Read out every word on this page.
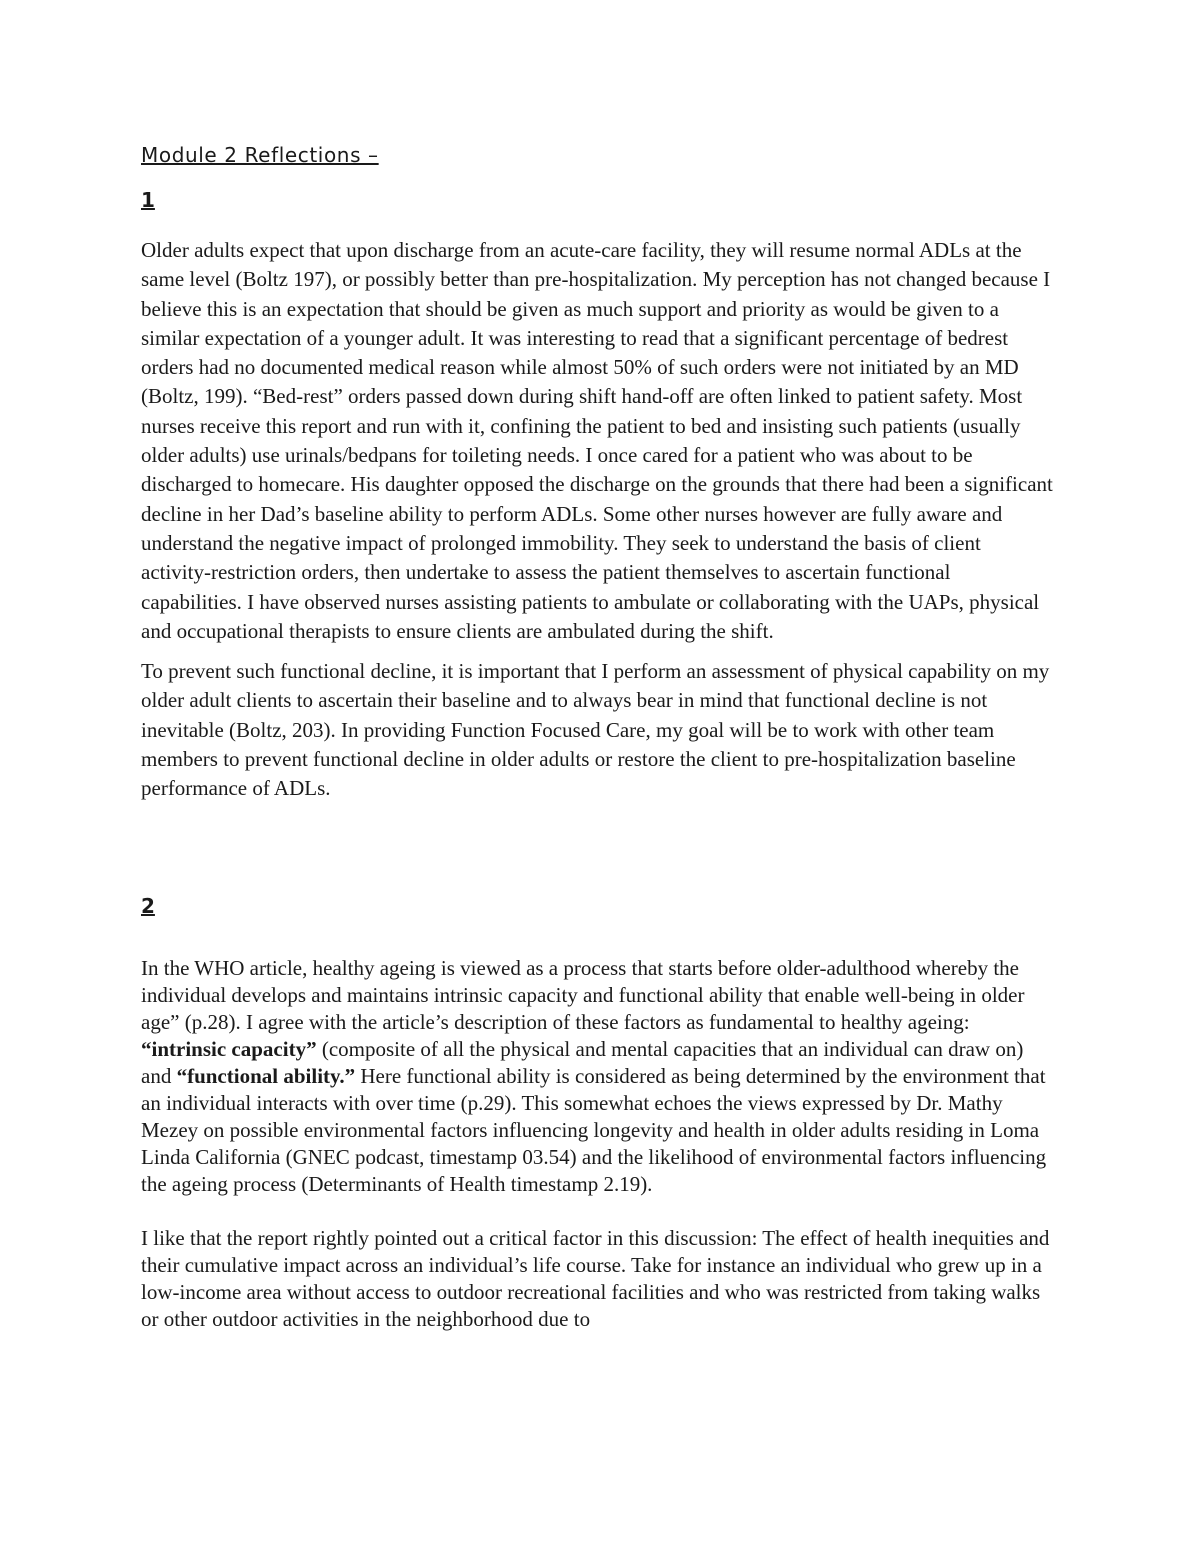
Module 2 Reflections –
1

Older adults expect that upon discharge from an acute-care facility, they will resume normal ADLs at the same level (Boltz 197), or possibly better than pre-hospitalization. My perception has not changed because I believe this is an expectation that should be given as much support and priority as would be given to a similar expectation of a younger adult. It was interesting to read that a significant percentage of bedrest orders had no documented medical reason while almost 50% of such orders were not initiated by an MD (Boltz, 199). “Bed-rest” orders passed down during shift hand-off are often linked to patient safety. Most nurses receive this report and run with it, confining the patient to bed and insisting such patients (usually older adults) use urinals/bedpans for toileting needs. I once cared for a patient who was about to be discharged to homecare. His daughter opposed the discharge on the grounds that there had been a significant decline in her Dad’s baseline ability to perform ADLs. Some other nurses however are fully aware and understand the negative impact of prolonged immobility. They seek to understand the basis of client activity-restriction orders, then undertake to assess the patient themselves to ascertain functional capabilities. I have observed nurses assisting patients to ambulate or collaborating with the UAPs, physical and occupational therapists to ensure clients are ambulated during the shift.

To prevent such functional decline, it is important that I perform an assessment of physical capability on my older adult clients to ascertain their baseline and to always bear in mind that functional decline is not inevitable (Boltz, 203). In providing Function Focused Care, my goal will be to work with other team members to prevent functional decline in older adults or restore the client to pre-hospitalization baseline performance of ADLs.

2

In the WHO article, healthy ageing is viewed as a process that starts before older-adulthood whereby the individual develops and maintains intrinsic capacity and functional ability that enable well-being in older age” (p.28). I agree with the article’s description of these factors as fundamental to healthy ageing: “intrinsic capacity” (composite of all the physical and mental capacities that an individual can draw on) and “functional ability.” Here functional ability is considered as being determined by the environment that an individual interacts with over time (p.29). This somewhat echoes the views expressed by Dr. Mathy Mezey on possible environmental factors influencing longevity and health in older adults residing in Loma Linda California (GNEC podcast, timestamp 03.54) and the likelihood of environmental factors influencing the ageing process (Determinants of Health timestamp 2.19).

I like that the report rightly pointed out a critical factor in this discussion: The effect of health inequities and their cumulative impact across an individual’s life course. Take for instance an individual who grew up in a low-income area without access to outdoor recreational facilities and who was restricted from taking walks or other outdoor activities in the neighborhood due to
